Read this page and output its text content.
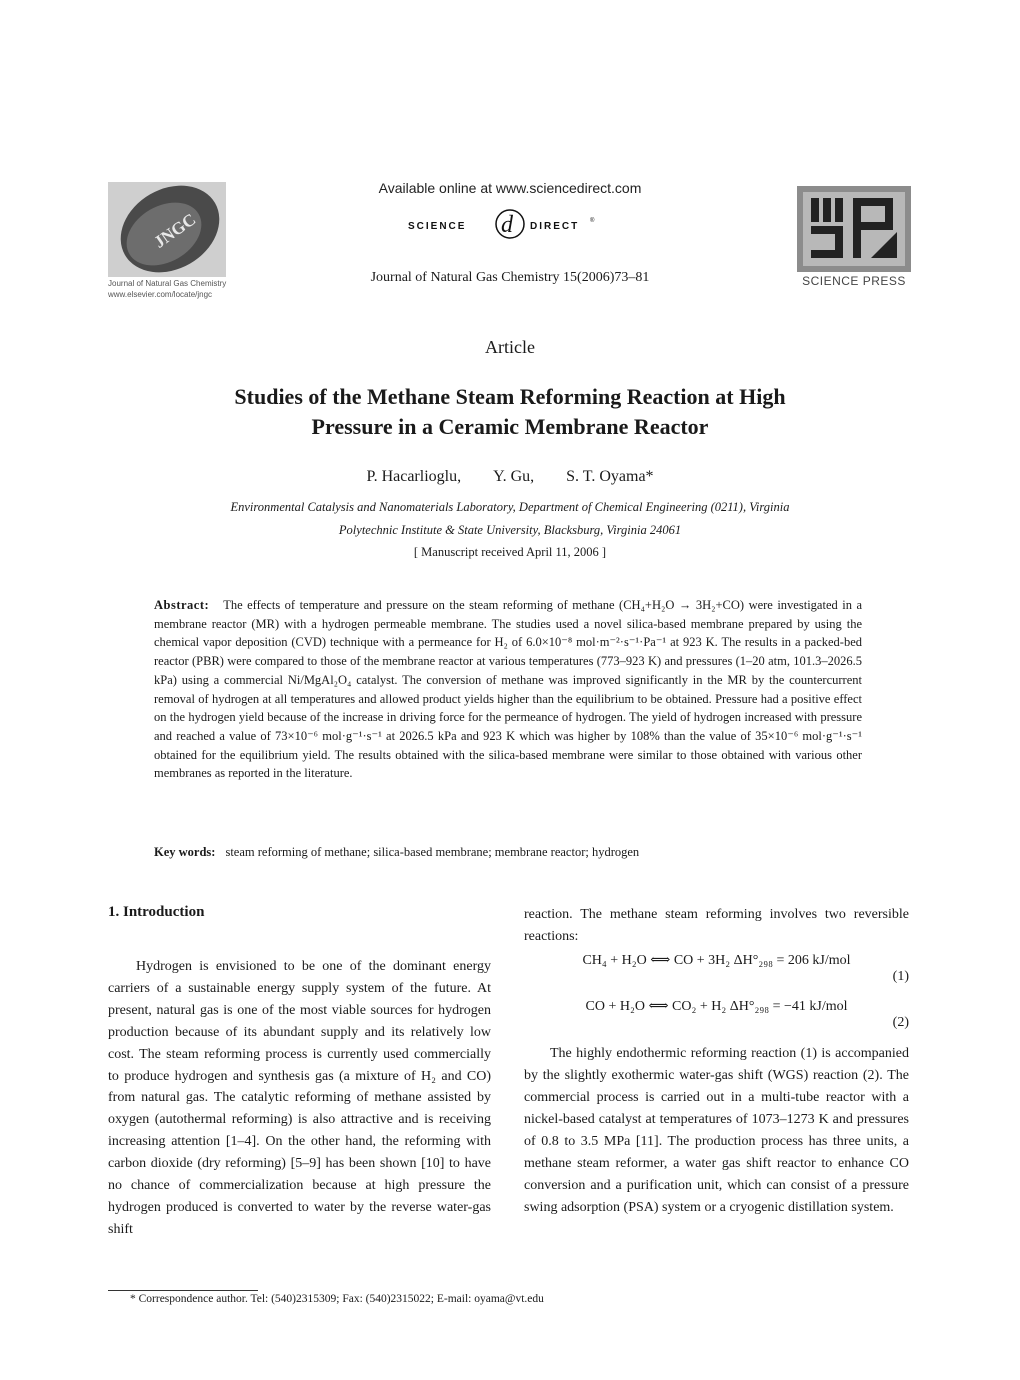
JNGC
Journal of Natural Gas Chemistry
www.elsevier.com/locate/jngc
Available online at www.sciencedirect.com
SCIENCE d DIRECT ®
Journal of Natural Gas Chemistry 15(2006)73–81	SCIENCE PRESS
Article
Studies of the Methane Steam Reforming Reaction at High
Pressure in a Ceramic Membrane Reactor
P. Hacarlioglu, Y. Gu, S. T. Oyama*
Environmental Catalysis and Nanomaterials Laboratory, Department of Chemical Engineering (0211), Virginia
Polytechnic Institute & State University, Blacksburg, Virginia 24061
[ Manuscript received April 11, 2006 ]
Abstract: The effects of temperature and pressure on the steam reforming of methane (CH₄+H₂O → 3H₂+CO) were investigated in a membrane reactor (MR) with a hydrogen permeable membrane. The studies used a novel silica-based membrane prepared by using the chemical vapor deposition (CVD) technique with a permeance for H₂ of 6.0×10⁻⁸ mol·m⁻²·s⁻¹·Pa⁻¹ at 923 K. The results in a packed-bed reactor (PBR) were compared to those of the membrane reactor at various temperatures (773–923 K) and pressures (1–20 atm, 101.3–2026.5 kPa) using a commercial Ni/MgAl₂O₄ catalyst. The conversion of methane was improved significantly in the MR by the countercurrent removal of hydrogen at all temperatures and allowed product yields higher than the equilibrium to be obtained. Pressure had a positive effect on the hydrogen yield because of the increase in driving force for the permeance of hydrogen. The yield of hydrogen increased with pressure and reached a value of 73×10⁻⁶ mol·g⁻¹·s⁻¹ at 2026.5 kPa and 923 K which was higher by 108% than the value of 35×10⁻⁶ mol·g⁻¹·s⁻¹ obtained for the equilibrium yield. The results obtained with the silica-based membrane were similar to those obtained with various other membranes as reported in the literature.
Key words: steam reforming of methane; silica-based membrane; membrane reactor; hydrogen
1. Introduction
Hydrogen is envisioned to be one of the dominant energy carriers of a sustainable energy supply system of the future. At present, natural gas is one of the most viable sources for hydrogen production because of its abundant supply and its relatively low cost. The steam reforming process is currently used commercially to produce hydrogen and synthesis gas (a mixture of H₂ and CO) from natural gas. The catalytic reforming of methane assisted by oxygen (autothermal reforming) is also attractive and is receiving increasing attention [1–4]. On the other hand, the reforming with carbon dioxide (dry reforming) [5–9] has been shown [10] to have no chance of commercialization because at high pressure the hydrogen produced is converted to water by the reverse water-gas shift
reaction. The methane steam reforming involves two reversible reactions:
CH₄ + H₂O ⟺ CO + 3H₂ ΔH°₂₉₈ = 206 kJ/mol
(1)
CO + H₂O ⟺ CO₂ + H₂ ΔH°₂₉₈ = −41 kJ/mol
(2)
The highly endothermic reforming reaction (1) is accompanied by the slightly exothermic water-gas shift (WGS) reaction (2). The commercial process is carried out in a multi-tube reactor with a nickel-based catalyst at temperatures of 1073–1273 K and pressures of 0.8 to 3.5 MPa [11]. The production process has three units, a methane steam reformer, a water gas shift reactor to enhance CO conversion and a purification unit, which can consist of a pressure swing adsorption (PSA) system or a cryogenic distillation system.
* Correspondence author. Tel: (540)2315309; Fax: (540)2315022; E-mail: oyama@vt.edu
